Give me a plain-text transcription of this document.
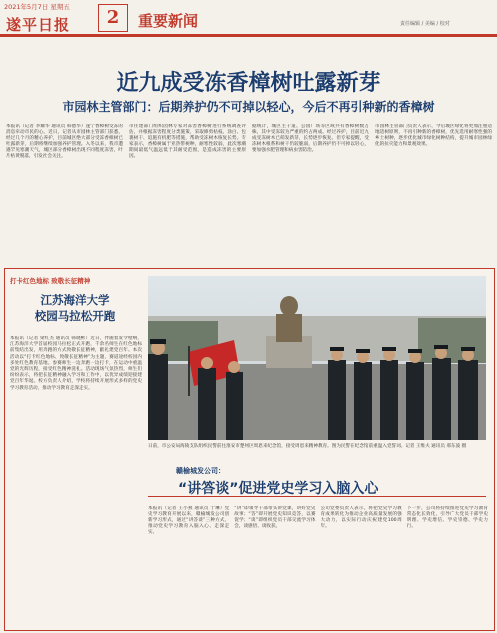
2021年5月7日 星期五
遂平日报	2	重要新闻	责任编辑 / 美编 / 校对
近九成受冻香樟树吐露新芽
市园林主管部门：后期养护仍不可掉以轻心，今后不再引种新的香樟树
本报讯（记者 李耀华 通讯员 韩德华）遂宁香樟树受冻的消息牵动市民的心。近日，记者从市园林主管部门获悉，经过几个月的精心养护，目前城区绝大部分受冻香樟树已吐露新芽，后期将继续加强养护管理。入冬以来，我市遭遇罕见寒潮天气，城区部分香樟树出现不同程度冻害，叶片枯黄脱落，引发社会关注。
市住建部门组织园林专家对冻害香樟树进行系统调查评估，并根据冻害程度分类施策，采取修剪枯枝、涂白、包裹树干、追施有机肥等措施，帮助受冻树木恢复长势。专家表示，香樟树属于亚热带树种，耐寒性较弱，此次寒潮期间最低气温远低于其耐受范围，是造成冻害的主要原因。
据统计，城区主干道、公园广场等区域共有香樟树数万株，其中受冻较为严重的约占两成。经过养护，目前近九成受冻树木已萌发新芽，长势逐步恢复。但专家提醒，受冻树木根系和树干仍较脆弱，后期养护仍不可掉以轻心，要加强水肥管理和病虫害防治。
市园林主管部门负责人表示，今后城区绿化将更加注重适地适树原则，不再引种新的香樟树，优先选用耐寒性强的乡土树种，逐步优化城市绿化树种结构，提升城市园林绿化的抗灾能力和景观效果。
打卡红色地标 致敬长征精神
江苏海洋大学
校园马拉松开跑
本报讯（记者 梁红杰 通讯员 韩晓彬）近日，伴随着发令枪响，江苏海洋大学首届校园马拉松正式开跑，千余名师生在红色地标前集结出发，用奔跑的方式致敬长征精神，献礼建党百年。本次活动以“打卡红色地标、致敬长征精神”为主题，赛道途经校园内多处红色教育基地。参赛师生一边奔跑一边打卡，在运动中重温党的光辉历程，接受红色精神洗礼。活动现场气氛热烈，师生们纷纷表示，将把长征精神融入学习和工作中，以优异成绩迎接建党百年华诞。校方负责人介绍，学校将持续开展形式多样的党史学习教育活动，推动学习教育走深走实。
日前，市公安局海陵支队组织民警前往淮安市楚州区周恩来纪念馆，接受周恩来精神教育。图为民警在纪念馆前重温入党誓词。记者 王维夫 通讯员 邢东波 摄
赣榆城发公司：
“讲答谈”促进党史学习入脑入心
本报讯（记者 王小燕 通讯员 于琳）党史学习教育开展以来，赣榆城发公司创新学习形式，通过“讲答谈”三种方式，推动党史学习教育入脑入心、走深走实。
“讲”即领导干部带头讲党课，讲好党史故事；“答”即开展党史知识竞答，以赛促学；“谈”即组织党员干部交流学习体会，谈感悟、谈收获。
公司党委负责人表示，将把党史学习教育成果转化为推动企业高质量发展的强大动力，以实际行动庆祝建党100周年。
下一步，公司将持续推进党史学习教育常态化长效化，引导广大党员干部学史明理、学史增信、学史崇德、学史力行。
